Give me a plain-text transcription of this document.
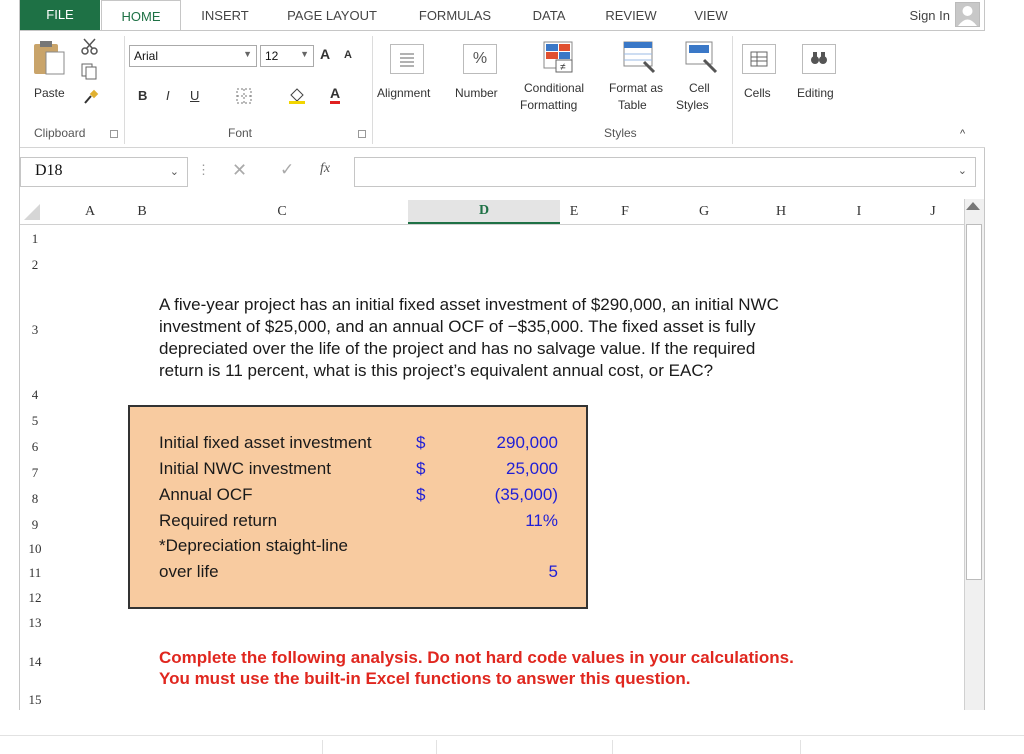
FILE	HOME	INSERT	PAGE LAYOUT	FORMULAS	DATA	REVIEW	VIEW	Sign In
Paste
Clipboard
Arial	▼ 12 ▼ A A
B I U	A
Font
Alignment
%
Number
≠
Conditional
Formatting
Format as
Table
Cell
Styles
Styles
Cells Editing
^
D18	⌄ ⋮ ✕ ✓ fx	⌄
A	B	C	D	E	F	G	H	I	J
1
2
3
4
5
6
7
8
9
10
11
12
13
14
15
A five-year project has an initial fixed asset investment of $290,000, an initial NWC
investment of $25,000, and an annual OCF of −$35,000. The fixed asset is fully
depreciated over the life of the project and has no salvage value. If the required
return is 11 percent, what is this project’s equivalent annual cost, or EAC?
Initial fixed asset investment	$	290,000
Initial NWC investment	$	25,000
Annual OCF	$	(35,000)
Required return	11%
*Depreciation staight-line
over life	5
Complete the following analysis. Do not hard code values in your calculations.
You must use the built-in Excel functions to answer this question.
